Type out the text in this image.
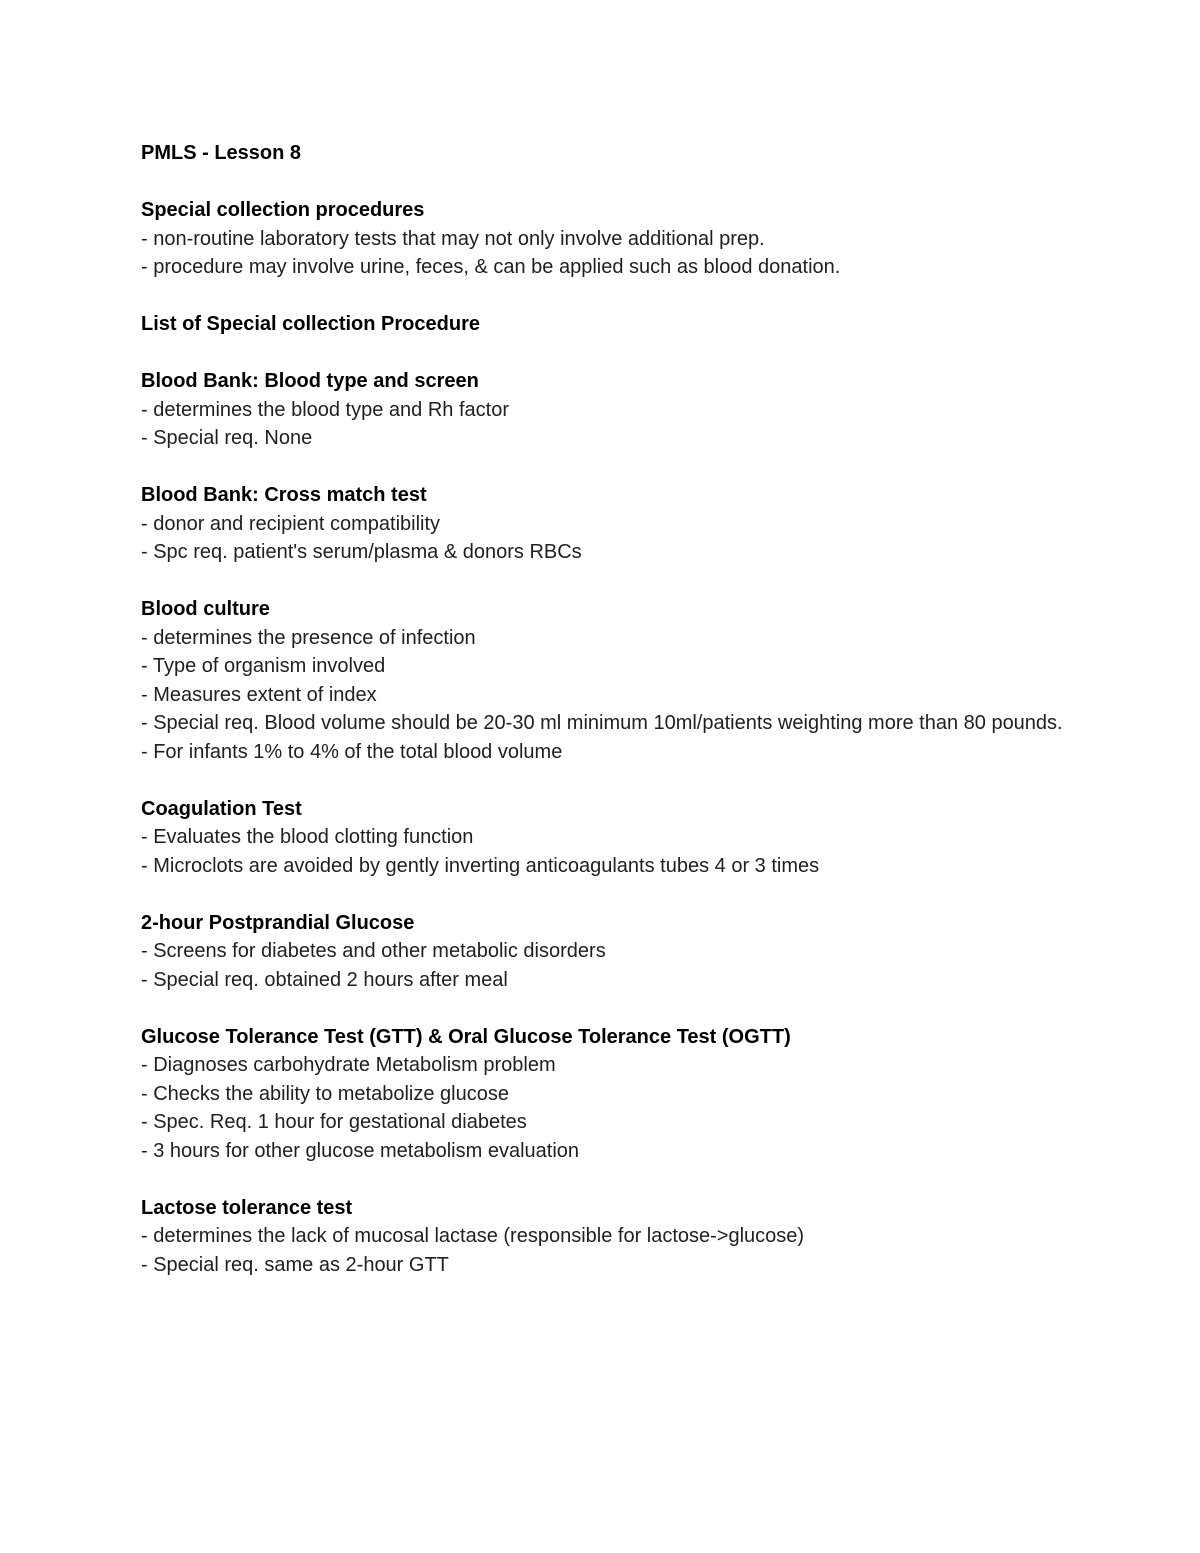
PMLS - Lesson 8

Special collection procedures

- non-routine laboratory tests that may not only involve additional prep.

- procedure may involve urine, feces, & can be applied such as blood donation.

List of Special collection Procedure

Blood Bank: Blood type and screen

- determines the blood type and Rh factor

- Special req. None

Blood Bank: Cross match test

- donor and recipient compatibility

- Spc req. patient's serum/plasma & donors RBCs

Blood culture

- determines the presence of infection

- Type of organism involved

- Measures extent of index

- Special req. Blood volume should be 20-30 ml minimum 10ml/patients weighting more than 80 pounds.

- For infants 1% to 4% of the total blood volume

Coagulation Test

- Evaluates the blood clotting function

- Microclots are avoided by gently inverting anticoagulants tubes 4 or 3 times

2-hour Postprandial Glucose

- Screens for diabetes and other metabolic disorders

- Special req. obtained 2 hours after meal

Glucose Tolerance Test (GTT) & Oral Glucose Tolerance Test (OGTT)

- Diagnoses carbohydrate Metabolism problem

- Checks the ability to metabolize glucose

- Spec. Req. 1 hour for gestational diabetes

- 3 hours for other glucose metabolism evaluation

Lactose tolerance test

- determines the lack of mucosal lactase (responsible for lactose->glucose)

- Special req. same as 2-hour GTT
